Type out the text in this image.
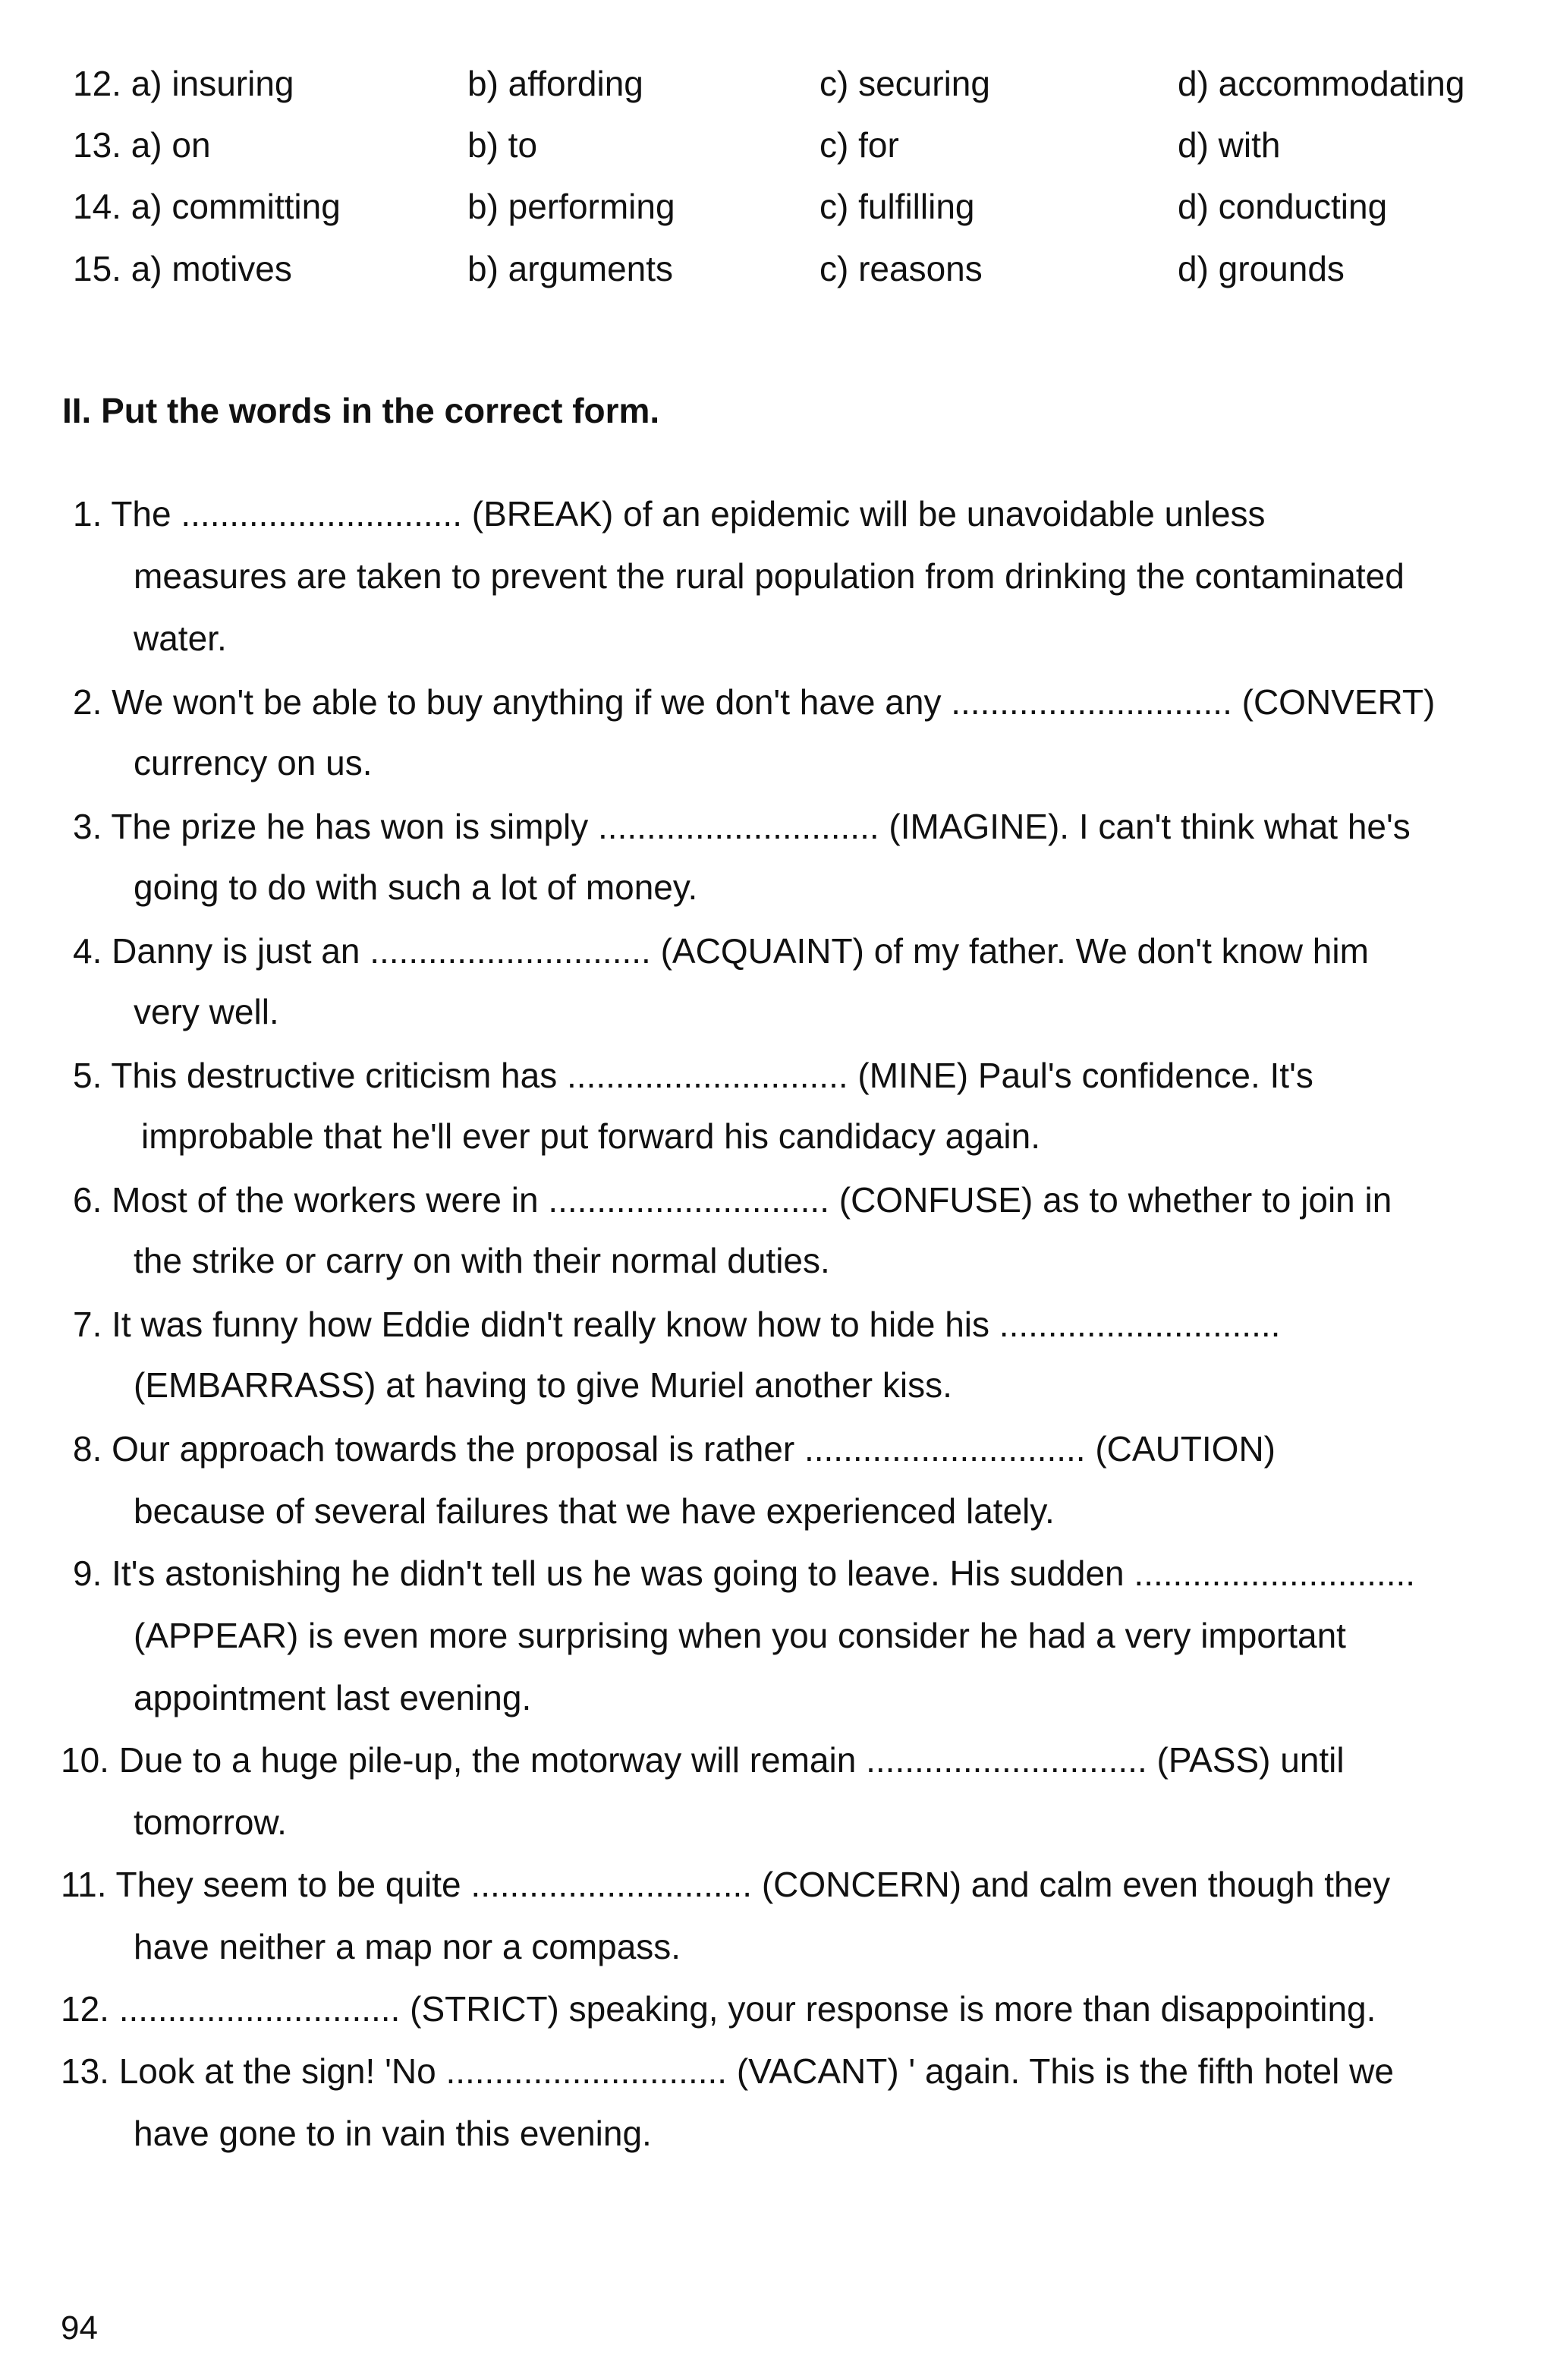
12. a) insuring	b) affording	c) securing	d) accommodating
13. a) on	b) to	c) for	d) with
14. a) committing	b) performing	c) fulfilling	d) conducting
15. a) motives	b) arguments	c) reasons	d) grounds
II. Put the words in the correct form.
1. The ............................. (BREAK) of an epidemic will be unavoidable unless
measures are taken to prevent the rural population from drinking the contaminated
water.
2. We won't be able to buy anything if we don't have any ............................. (CONVERT)
currency on us.
3. The prize he has won is simply ............................. (IMAGINE). I can't think what he's
going to do with such a lot of money.
4. Danny is just an ............................. (ACQUAINT) of my father. We don't know him
very well.
5. This destructive criticism has ............................. (MINE) Paul's confidence. It's
improbable that he'll ever put forward his candidacy again.
6. Most of the workers were in ............................. (CONFUSE) as to whether to join in
the strike or carry on with their normal duties.
7. It was funny how Eddie didn't really know how to hide his .............................
(EMBARRASS) at having to give Muriel another kiss.
8. Our approach towards the proposal is rather ............................. (CAUTION)
because of several failures that we have experienced lately.
9. It's astonishing he didn't tell us he was going to leave. His sudden .............................
(APPEAR) is even more surprising when you consider he had a very important
appointment last evening.
10. Due to a huge pile-up, the motorway will remain ............................. (PASS) until
tomorrow.
11. They seem to be quite ............................. (CONCERN) and calm even though they
have neither a map nor a compass.
12. ............................. (STRICT) speaking, your response is more than disappointing.
13. Look at the sign! 'No ............................. (VACANT) ' again. This is the fifth hotel we
have gone to in vain this evening.
94
